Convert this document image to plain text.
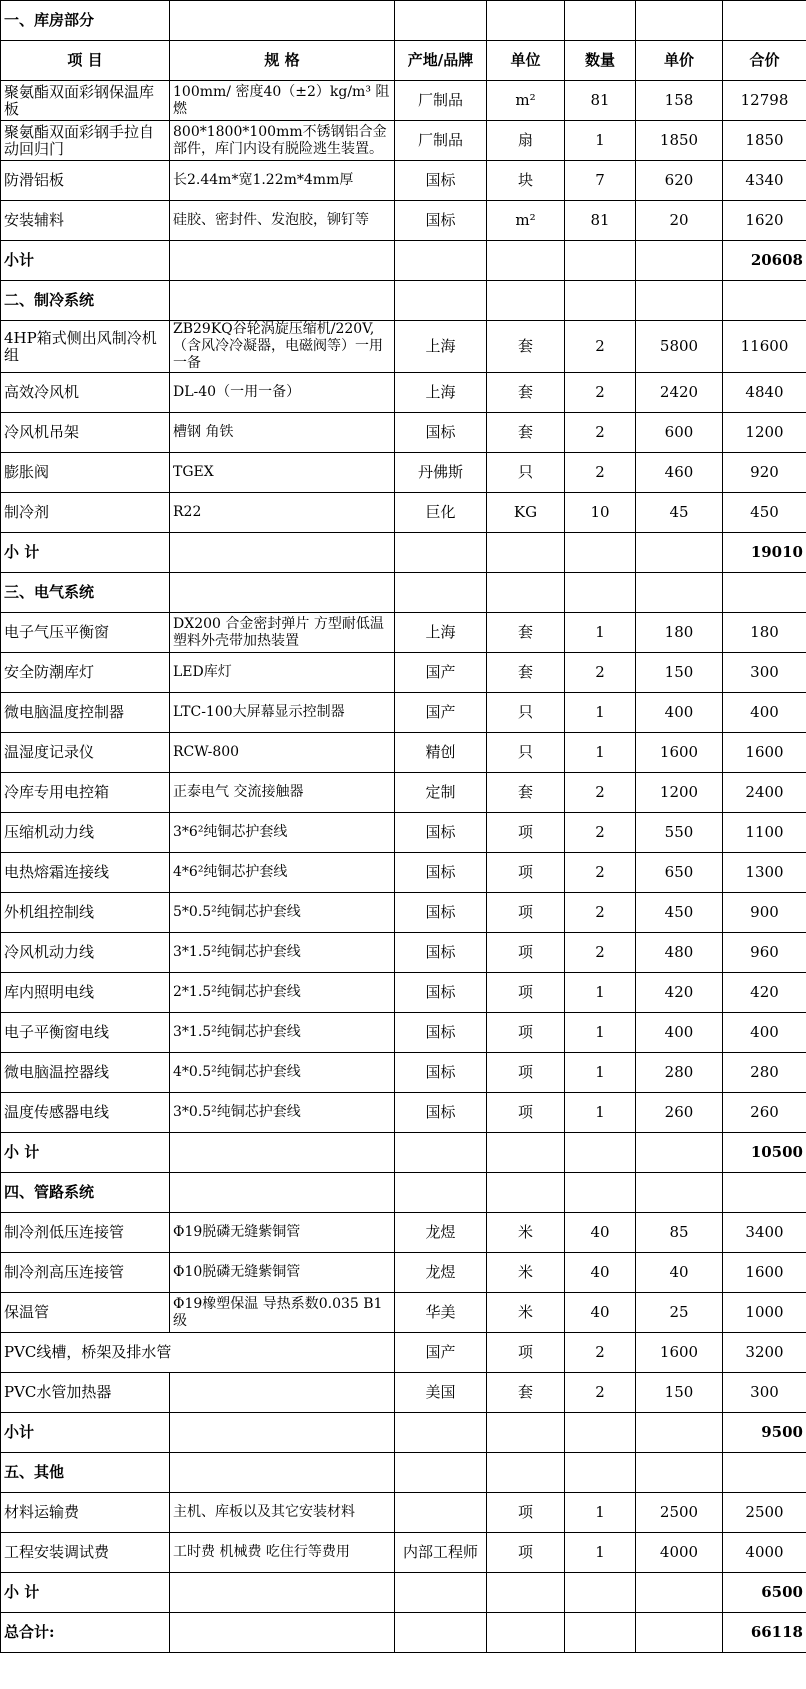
一、库房部分						
项 目	规 格	产地/品牌	单位	数量	单价	合价
聚氨酯双面彩钢保温库板	100mm/ 密度40（±2）kg/m³ 阻燃	厂制品	m²	81	158	12798
聚氨酯双面彩钢手拉自动回归门	800*1800*100mm不锈钢铝合金部件，库门内设有脱险逃生装置。	厂制品	扇	1	1850	1850
防滑铝板	长2.44m*宽1.22m*4mm厚	国标	块	7	620	4340
安装辅料	硅胶、密封件、发泡胶，铆钉等	国标	m²	81	20	1620
小计						20608
二、制冷系统						
4HP箱式侧出风制冷机组	ZB29KQ谷轮涡旋压缩机/220V,（含风冷冷凝器，电磁阀等）一用一备	上海	套	2	5800	11600
高效冷风机	DL-40（一用一备）	上海	套	2	2420	4840
冷风机吊架	槽钢 角铁	国标	套	2	600	1200
膨胀阀	TGEX	丹佛斯	只	2	460	920
制冷剂	R22	巨化	KG	10	45	450
小 计						19010
三、电气系统						
电子气压平衡窗	DX200 合金密封弹片 方型耐低温塑料外壳带加热装置	上海	套	1	180	180
安全防潮库灯	LED库灯	国产	套	2	150	300
微电脑温度控制器	LTC-100大屏幕显示控制器	国产	只	1	400	400
温湿度记录仪	RCW-800	精创	只	1	1600	1600
冷库专用电控箱	正泰电气 交流接触器	定制	套	2	1200	2400
压缩机动力线	3*6²纯铜芯护套线	国标	项	2	550	1100
电热熔霜连接线	4*6²纯铜芯护套线	国标	项	2	650	1300
外机组控制线	5*0.5²纯铜芯护套线	国标	项	2	450	900
冷风机动力线	3*1.5²纯铜芯护套线	国标	项	2	480	960
库内照明电线	2*1.5²纯铜芯护套线	国标	项	1	420	420
电子平衡窗电线	3*1.5²纯铜芯护套线	国标	项	1	400	400
微电脑温控器线	4*0.5²纯铜芯护套线	国标	项	1	280	280
温度传感器电线	3*0.5²纯铜芯护套线	国标	项	1	260	260
小 计						10500
四、管路系统						
制冷剂低压连接管	Φ19脱磷无缝紫铜管	龙煜	米	40	85	3400
制冷剂高压连接管	Φ10脱磷无缝紫铜管	龙煜	米	40	40	1600
保温管	Φ19橡塑保温 导热系数0.035 B1级	华美	米	40	25	1000
PVC线槽，桥架及排水管		国产	项	2	1600	3200
PVC水管加热器		美国	套	2	150	300
小计						9500
五、其他						
材料运输费	主机、库板以及其它安装材料		项	1	2500	2500
工程安装调试费	工时费 机械费 吃住行等费用	内部工程师	项	1	4000	4000
小 计						6500
总合计:						66118
